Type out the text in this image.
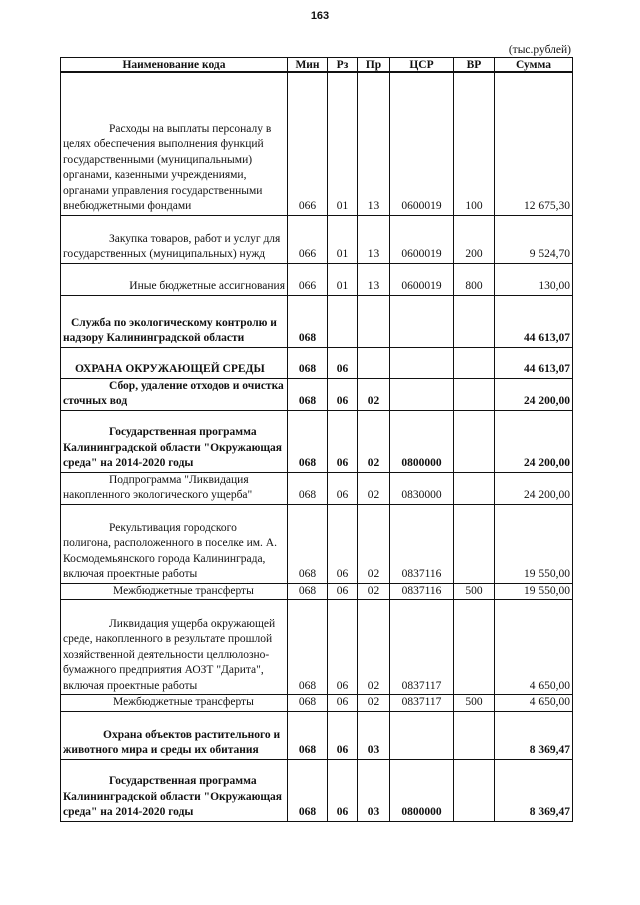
163
(тыс.рублей)
Наименование кода	Мин	Рз	Пр	ЦСР	ВР	Сумма
Расходы на выплаты персоналу в целях обеспечения выполнения функций государственными (муниципальными) органами, казенными учреждениями, органами управления государственными внебюджетными фондами	066	01	13	0600019	100	12 675,30
Закупка товаров, работ и услуг для государственных (муниципальных) нужд	066	01	13	0600019	200	9 524,70
Иные бюджетные ассигнования	066	01	13	0600019	800	130,00
Служба по экологическому контролю и надзору Калининградской области	068					44 613,07
ОХРАНА ОКРУЖАЮЩЕЙ СРЕДЫ	068	06				44 613,07
Сбор, удаление отходов и очистка сточных вод	068	06	02			24 200,00
Государственная программа Калининградской области "Окружающая среда" на 2014-2020 годы	068	06	02	0800000		24 200,00
Подпрограмма "Ликвидация накопленного экологического ущерба"	068	06	02	0830000		24 200,00
Рекультивация городского полигона, расположенного в поселке им. А. Космодемьянского города Калининграда, включая проектные работы	068	06	02	0837116		19 550,00
Межбюджетные трансферты	068	06	02	0837116	500	19 550,00
Ликвидация ущерба окружающей среде, накопленного в результате прошлой хозяйственной деятельности целлюлозно-бумажного предприятия АОЗТ "Дарита", включая проектные работы	068	06	02	0837117		4 650,00
Межбюджетные трансферты	068	06	02	0837117	500	4 650,00
Охрана объектов растительного и животного мира и среды их обитания	068	06	03			8 369,47
Государственная программа Калининградской области "Окружающая среда" на 2014-2020 годы	068	06	03	0800000		8 369,47
